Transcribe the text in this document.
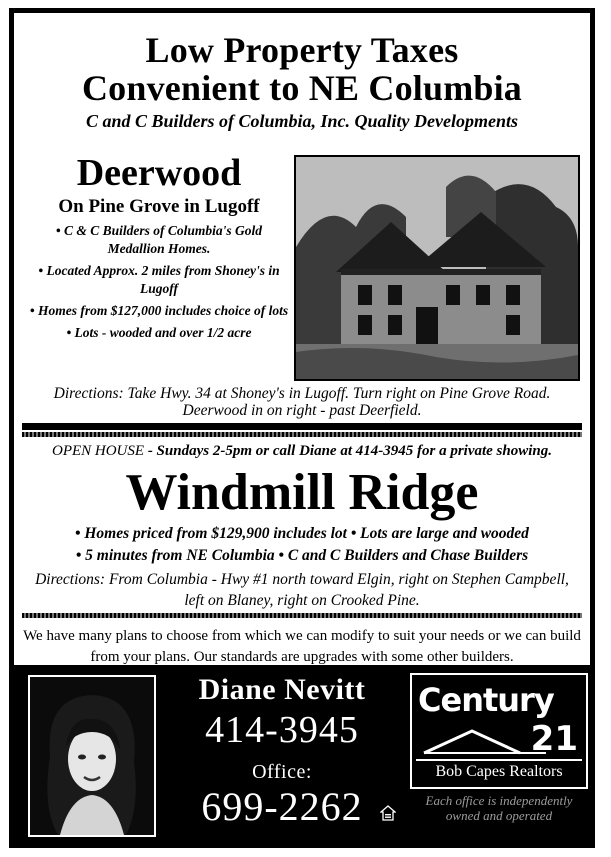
Low Property Taxes
Convenient to NE Columbia
C and C Builders of Columbia, Inc. Quality Developments
Deerwood
On Pine Grove in Lugoff
• C & C Builders of Columbia's Gold Medallion Homes.
• Located Approx. 2 miles from Shoney's in Lugoff
• Homes from $127,000 includes choice of lots
• Lots - wooded and over 1/2 acre
Directions: Take Hwy. 34 at Shoney's in Lugoff. Turn right on Pine Grove Road. Deerwood in on right - past Deerfield.
OPEN HOUSE - Sundays 2-5pm or call Diane at 414-3945 for a private showing.
Windmill Ridge
• Homes priced from $129,900 includes lot • Lots are large and wooded
• 5 minutes from NE Columbia • C and C Builders and Chase Builders
Directions: From Columbia - Hwy #1 north toward Elgin, right on Stephen Campbell, left on Blaney, right on Crooked Pine.
We have many plans to choose from which we can modify to suit your needs or we can build from your plans. Our standards are upgrades with some other builders.
Diane Nevitt
414-3945
Office:
699-2262
Century
21
Bob Capes Realtors
Each office is independently owned and operated
